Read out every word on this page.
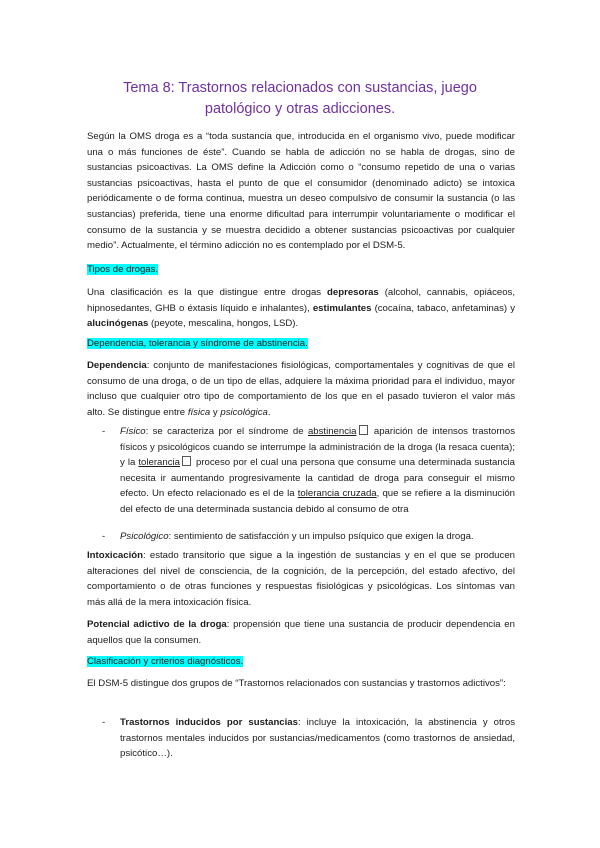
Tema 8: Trastornos relacionados con sustancias, juego
patológico y otras adicciones.

Según la OMS droga es a “toda sustancia que, introducida en el organismo vivo, puede modificar una o más funciones de éste”. Cuando se habla de adicción no se habla de drogas, sino de sustancias psicoactivas. La OMS define la Adicción como o “consumo repetido de una o varias sustancias psicoactivas, hasta el punto de que el consumidor (denominado adicto) se intoxica periódicamente o de forma continua, muestra un deseo compulsivo de consumir la sustancia (o las sustancias) preferida, tiene una enorme dificultad para interrumpir voluntariamente o modificar el consumo de la sustancia y se muestra decidido a obtener sustancias psicoactivas por cualquier medio”. Actualmente, el término adicción no es contemplado por el DSM-5.

Tipos de drogas.

Una clasificación es la que distingue entre drogas depresoras (alcohol, cannabis, opiáceos, hipnosedantes, GHB o éxtasis líquido e inhalantes), estimulantes (cocaína, tabaco, anfetaminas) y alucinógenas (peyote, mescalina, hongos, LSD).

Dependencia, tolerancia y síndrome de abstinencia.

Dependencia: conjunto de manifestaciones fisiológicas, comportamentales y cognitivas de que el consumo de una droga, o de un tipo de ellas, adquiere la máxima prioridad para el individuo, mayor incluso que cualquier otro tipo de comportamiento de los que en el pasado tuvieron el valor más alto. Se distingue entre física y psicológica.

-	Físico: se caracteriza por el síndrome de abstinencia aparición de intensos trastornos físicos y psicológicos cuando se interrumpe la administración de la droga (la resaca cuenta); y la tolerancia proceso por el cual una persona que consume una determinada sustancia necesita ir aumentando progresivamente la cantidad de droga para conseguir el mismo efecto. Un efecto relacionado es el de la tolerancia cruzada, que se refiere a la disminución del efecto de una determinada sustancia debido al consumo de otra

-	Psicológico: sentimiento de satisfacción y un impulso psíquico que exigen la droga.

Intoxicación: estado transitorio que sigue a la ingestión de sustancias y en el que se producen alteraciones del nivel de consciencia, de la cognición, de la percepción, del estado afectivo, del comportamiento o de otras funciones y respuestas fisiológicas y psicológicas. Los síntomas van más allá de la mera intoxicación física.

Potencial adictivo de la droga: propensión que tiene una sustancia de producir dependencia en aquellos que la consumen.

Clasificación y criterios diagnósticos.

El DSM-5 distingue dos grupos de “Trastornos relacionados con sustancias y trastornos adictivos”:

-	Trastornos inducidos por sustancias: incluye la intoxicación, la abstinencia y otros trastornos mentales inducidos por sustancias/medicamentos (como trastornos de ansiedad, psicótico…).
